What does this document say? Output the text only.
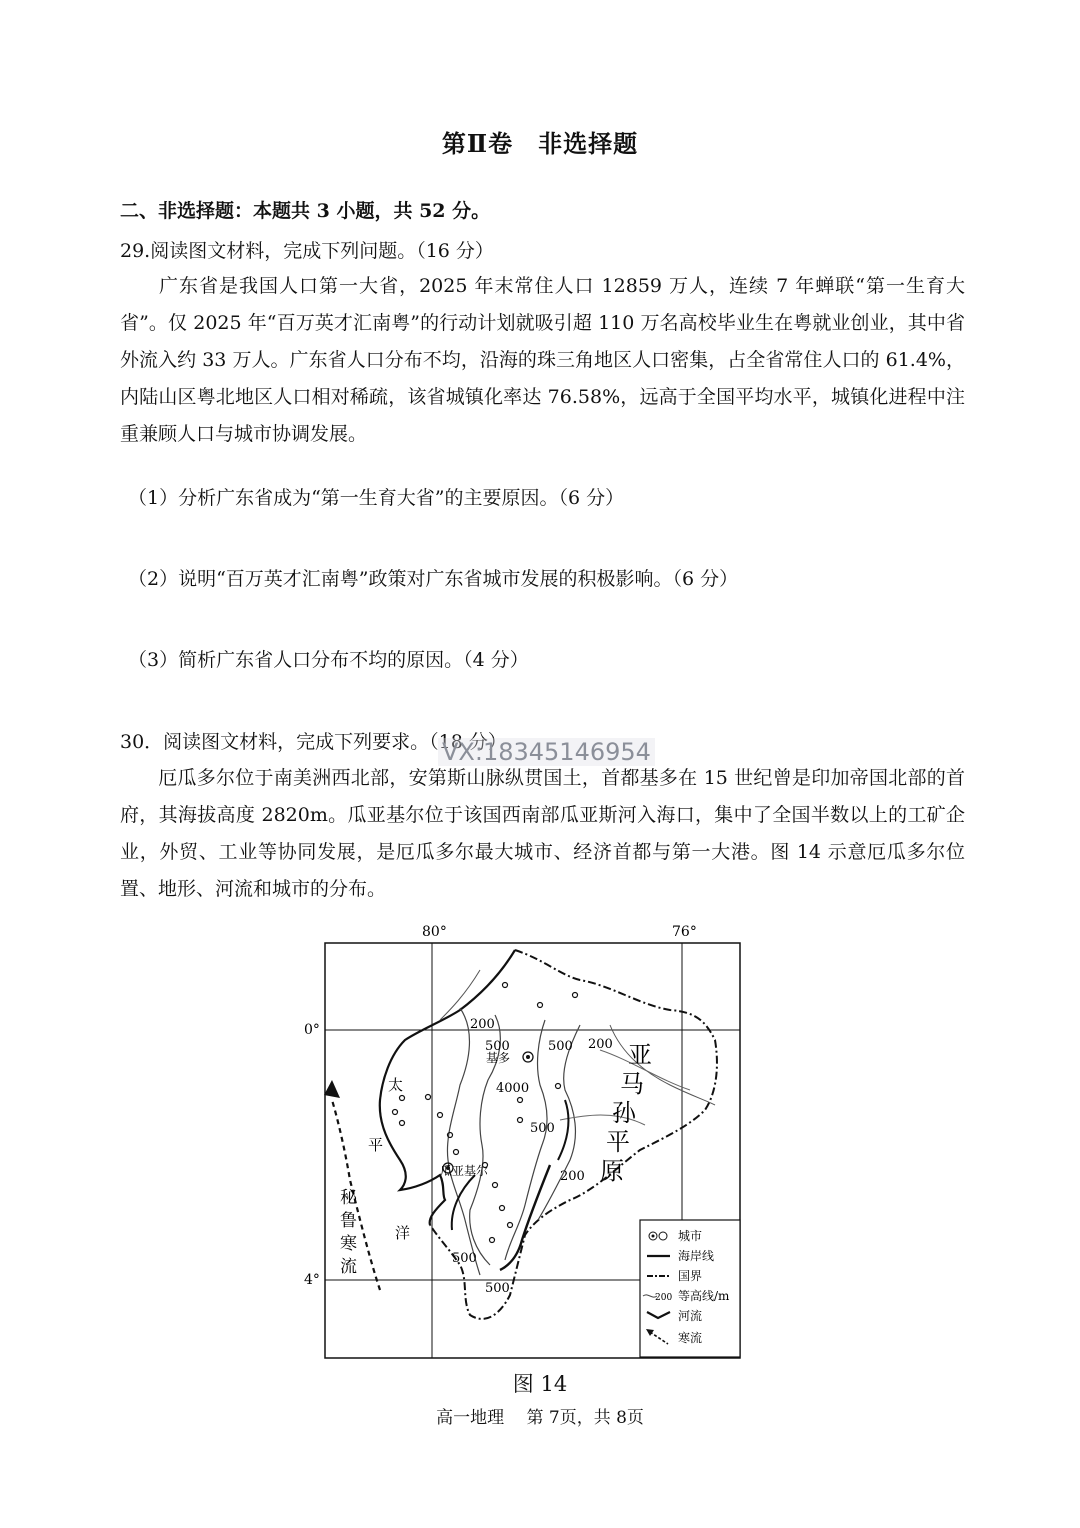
第Ⅱ卷　非选择题
二、非选择题：本题共 3 小题，共 52 分。
29.阅读图文材料，完成下列问题。（16 分）
广东省是我国人口第一大省，2025 年末常住人口 12859 万人，连续 7 年蝉联“第一生育大省”。仅 2025 年“百万英才汇南粤”的行动计划就吸引超 110 万名高校毕业生在粤就业创业，其中省外流入约 33 万人。广东省人口分布不均，沿海的珠三角地区人口密集，占全省常住人口的 61.4%，内陆山区粤北地区人口相对稀疏，该省城镇化率达 76.58%，远高于全国平均水平，城镇化进程中注重兼顾人口与城市协调发展。
（1）分析广东省成为“第一生育大省”的主要原因。（6 分）
（2）说明“百万英才汇南粤”政策对广东省城市发展的积极影响。（6 分）
（3）简析广东省人口分布不均的原因。（4 分）
30．阅读图文材料，完成下列要求。（18 分）
厄瓜多尔位于南美洲西北部，安第斯山脉纵贯国土，首都基多在 15 世纪曾是印加帝国北部的首府，其海拔高度 2820m。瓜亚基尔位于该国西南部瓜亚斯河入海口，集中了全国半数以上的工矿企业，外贸、工业等协同发展，是厄瓜多尔最大城市、经济首都与第一大港。图 14 示意厄瓜多尔位置、地形、河流和城市的分布。
VX:18345146954
80°	76°
0°
4°
基多
瓜亚基尔
200
500	500 200
4000
500
200
500
500
太
平
洋
秘
鲁
寒
流
亚
马
孙
平
原
城市
海岸线
国界
200 等高线/m
河流
寒流
图 14
高一地理　 第 7页，共 8页
